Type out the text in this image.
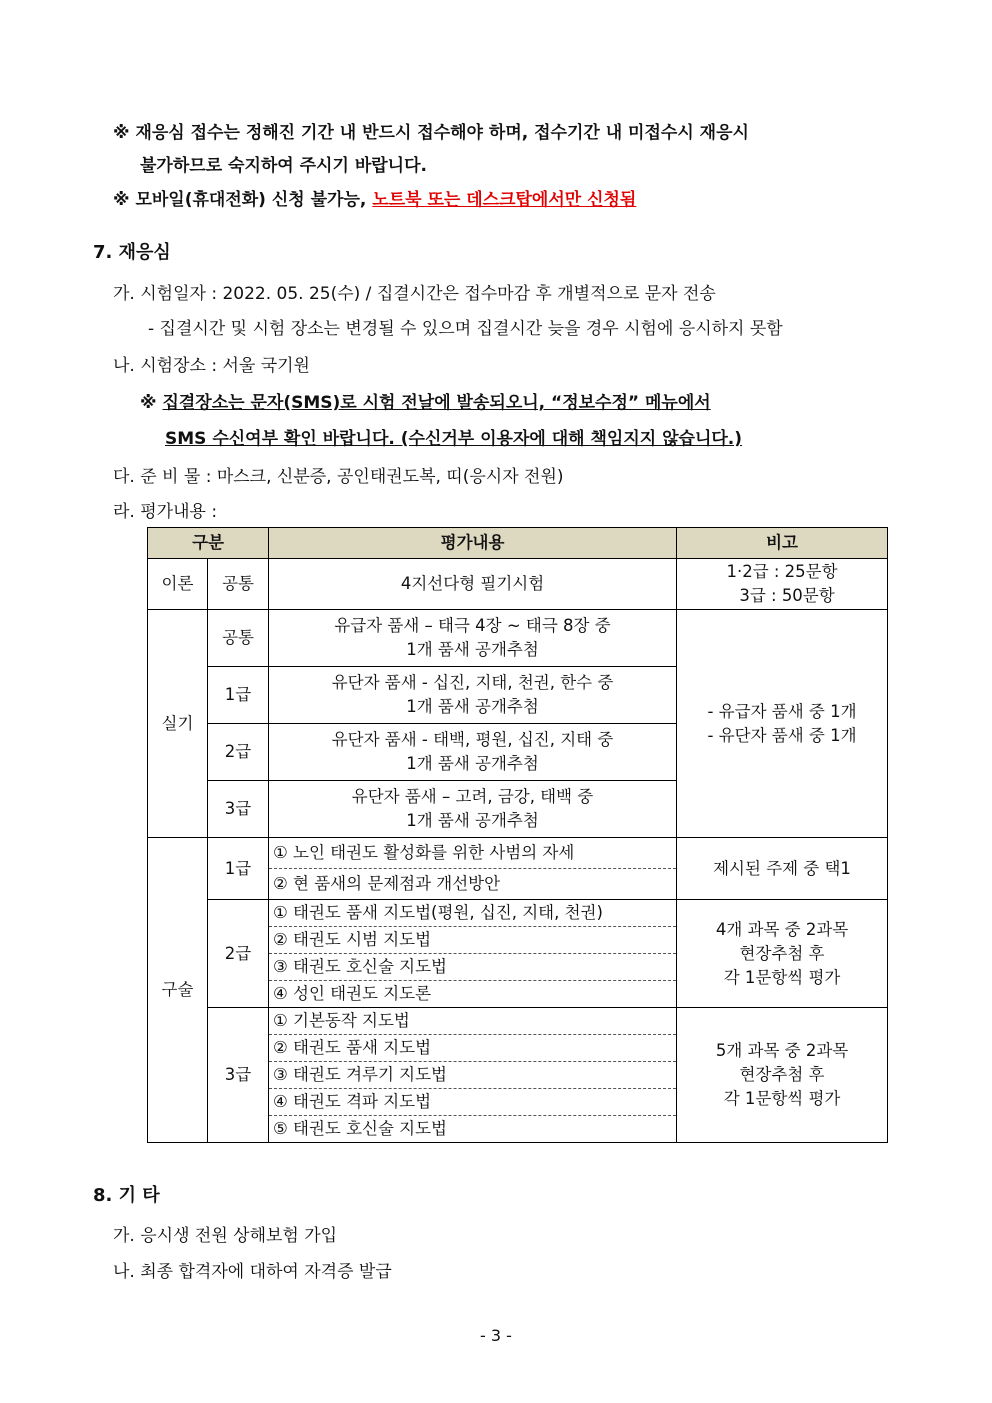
※ 재응심 접수는 정해진 기간 내 반드시 접수해야 하며, 접수기간 내 미접수시 재응시
불가하므로 숙지하여 주시기 바랍니다.
※ 모바일(휴대전화) 신청 불가능, 노트북 또는 데스크탑에서만 신청됨
7. 재응심
가. 시험일자 : 2022. 05. 25(수) / 집결시간은 접수마감 후 개별적으로 문자 전송
- 집결시간 및 시험 장소는 변경될 수 있으며 집결시간 늦을 경우 시험에 응시하지 못함
나. 시험장소 : 서울 국기원
※ 집결장소는 문자(SMS)로 시험 전날에 발송되오니, “정보수정” 메뉴에서
SMS 수신여부 확인 바랍니다. (수신거부 이용자에 대해 책임지지 않습니다.)
다. 준 비 물 : 마스크, 신분증, 공인태권도복, 띠(응시자 전원)
라. 평가내용 :
구분		평가내용	비고
이론	공통	4지선다형 필기시험	1·2급 : 25문항
3급 : 50문항

실기	공통	유급자 품새 – 태극 4장 ~ 태극 8장 중
1개 품새 공개추첨	- 유급자 품새 중 1개
- 유단자 품새 중 1개

	1급	유단자 품새 - 십진, 지태, 천권, 한수 중
1개 품새 공개추첨	

	2급	유단자 품새 - 태백, 평원, 십진, 지태 중
1개 품새 공개추첨	

	3급	유단자 품새 – 고려, 금강, 태백 중
1개 품새 공개추첨	

구술	1급	① 노인 태권도 활성화를 위한 사범의 자세	제시된 주제 중 택1
		② 현 품새의 문제점과 개선방안	
	2급	① 태권도 품새 지도법(평원, 십진, 지태, 천권)	4개 과목 중 2과목
현장추첨 후
각 1문항씩 평가

		② 태권도 시범 지도법	
		③ 태권도 호신술 지도법	
		④ 성인 태권도 지도론	
	3급	① 기본동작 지도법	5개 과목 중 2과목
현장추첨 후
각 1문항씩 평가

		② 태권도 품새 지도법	
		③ 태권도 겨루기 지도법	
		④ 태권도 격파 지도법	
		⑤ 태권도 호신술 지도법	
8. 기 타
가. 응시생 전원 상해보험 가입
나. 최종 합격자에 대하여 자격증 발급
- 3 -
